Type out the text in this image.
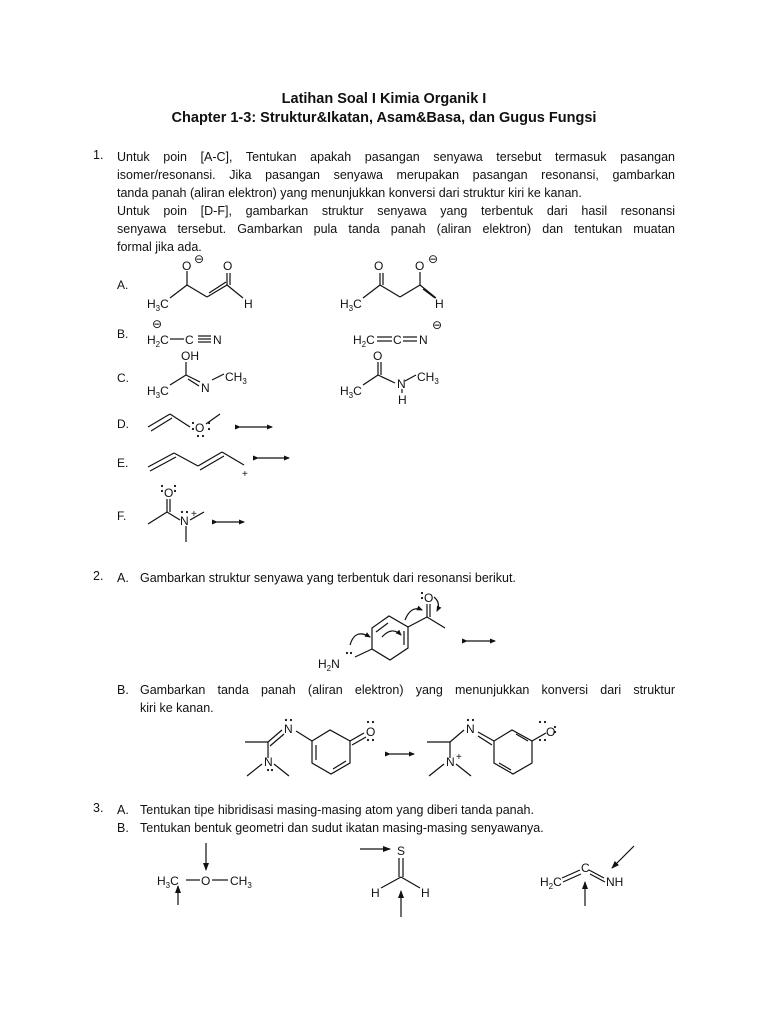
Latihan Soal I Kimia Organik I
Chapter 1-3: Struktur&Ikatan, Asam&Basa, dan Gugus Fungsi
1. Untuk poin [A-C], Tentukan apakah pasangan senyawa tersebut termasuk pasangan
isomer/resonansi. Jika pasangan senyawa merupakan pasangan resonansi, gambarkan
tanda panah (aliran elektron) yang menunjukkan konversi dari struktur kiri ke kanan.
Untuk poin [D-F], gambarkan struktur senyawa yang terbentuk dari hasil resonansi
senyawa tersebut. Gambarkan pula tanda panah (aliran elektron) dan tentukan muatan
formal jika ada.
A.
B.
C.
D.
E.
F.
2. A. Gambarkan struktur senyawa yang terbentuk dari resonansi berikut.
B. Gambarkan tanda panah (aliran elektron) yang menunjukkan konversi dari struktur
kiri ke kanan.
3. A. Tentukan tipe hibridisasi masing-masing atom yang diberi tanda panah.
B. Tentukan bentuk geometri dan sudut ikatan masing-masing senyawanya.
$H_3C$
O ⊖ O
H	$H_3C$
O	O ⊖
H
⊖
$H_2C$ C N	$H_2C$ C N
⊖
OH
$H_3C$	N
$CH_3$
O
$H_3C$	N
H
$CH_3$
O
+
O
N +
O
$H_2N$
N
N
O	N
N +
O
$H_3C$ O $CH_3$
S
H	H
$H_2C$
C
NH
